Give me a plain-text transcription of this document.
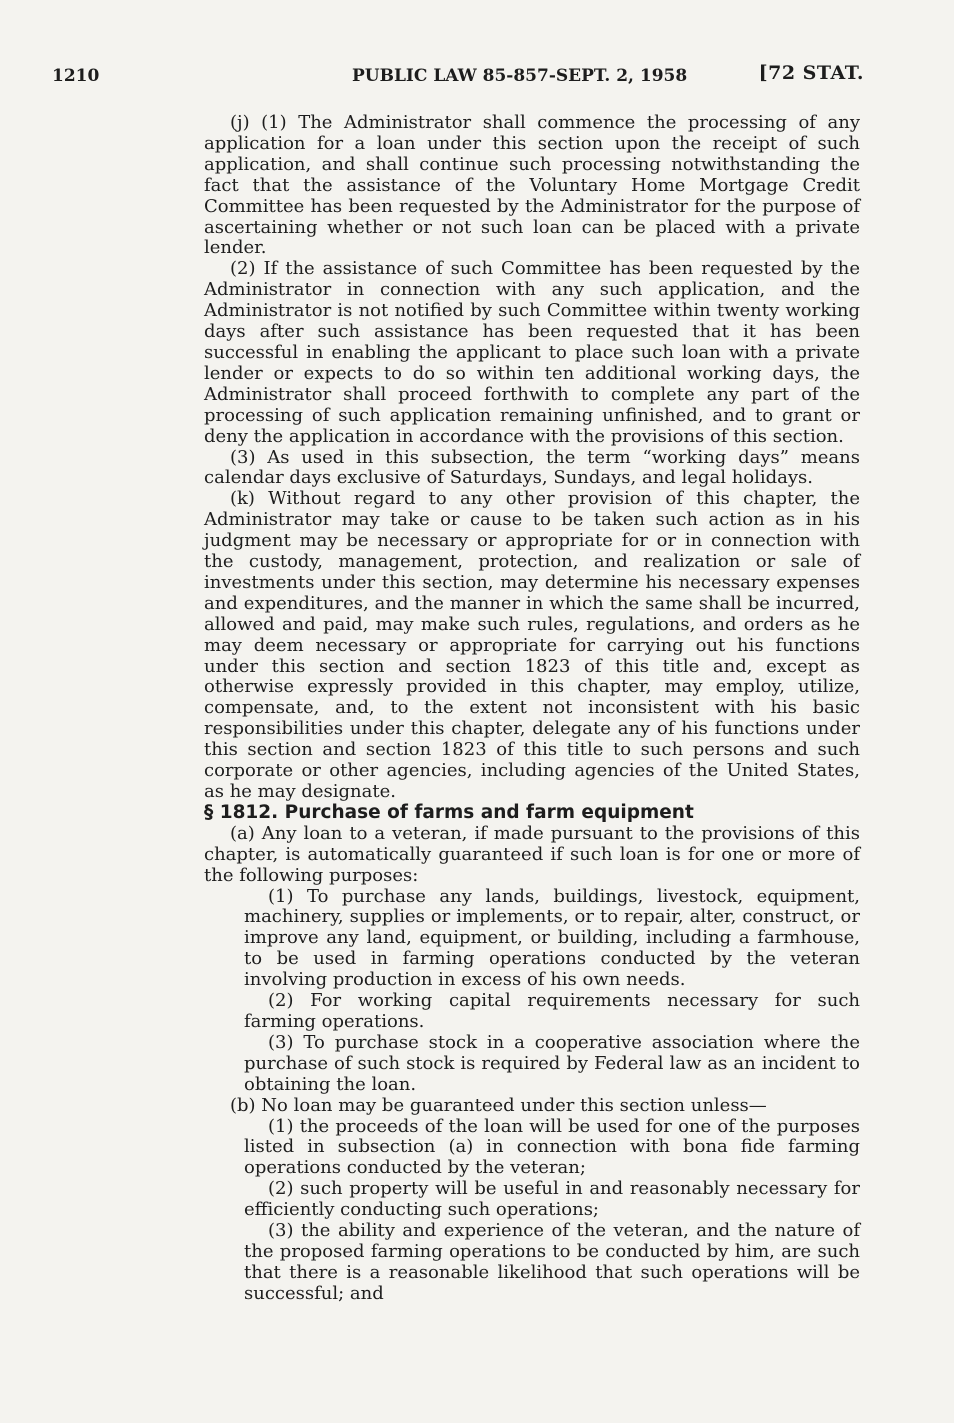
1210	PUBLIC LAW 85-857-SEPT. 2, 1958	[72 STAT.

(j) (1) The Administrator shall commence the processing of any application for a loan under this section upon the receipt of such application, and shall continue such processing notwithstanding the fact that the assistance of the Voluntary Home Mortgage Credit Committee has been requested by the Administrator for the purpose of ascertaining whether or not such loan can be placed with a private lender.

(2) If the assistance of such Committee has been requested by the Administrator in connection with any such application, and the Administrator is not notified by such Committee within twenty working days after such assistance has been requested that it has been successful in enabling the applicant to place such loan with a private lender or expects to do so within ten additional working days, the Administrator shall proceed forthwith to complete any part of the processing of such application remaining unfinished, and to grant or deny the application in accordance with the provisions of this section.

(3) As used in this subsection, the term “working days” means calendar days exclusive of Saturdays, Sundays, and legal holidays.

(k) Without regard to any other provision of this chapter, the Administrator may take or cause to be taken such action as in his judgment may be necessary or appropriate for or in connection with the custody, management, protection, and realization or sale of investments under this section, may determine his necessary expenses and expenditures, and the manner in which the same shall be incurred, allowed and paid, may make such rules, regulations, and orders as he may deem necessary or appropriate for carrying out his functions under this section and section 1823 of this title and, except as otherwise expressly provided in this chapter, may employ, utilize, compensate, and, to the extent not inconsistent with his basic responsibilities under this chapter, delegate any of his functions under this section and section 1823 of this title to such persons and such corporate or other agencies, including agencies of the United States, as he may designate.

§ 1812. Purchase of farms and farm equipment

(a) Any loan to a veteran, if made pursuant to the provisions of this chapter, is automatically guaranteed if such loan is for one or more of the following purposes:

(1) To purchase any lands, buildings, livestock, equipment, machinery, supplies or implements, or to repair, alter, construct, or improve any land, equipment, or building, including a farmhouse, to be used in farming operations conducted by the veteran involving production in excess of his own needs.

(2) For working capital requirements necessary for such farming operations.

(3) To purchase stock in a cooperative association where the purchase of such stock is required by Federal law as an incident to obtaining the loan.

(b) No loan may be guaranteed under this section unless—

(1) the proceeds of the loan will be used for one of the purposes listed in subsection (a) in connection with bona fide farming operations conducted by the veteran;

(2) such property will be useful in and reasonably necessary for efficiently conducting such operations;

(3) the ability and experience of the veteran, and the nature of the proposed farming operations to be conducted by him, are such that there is a reasonable likelihood that such operations will be successful; and
